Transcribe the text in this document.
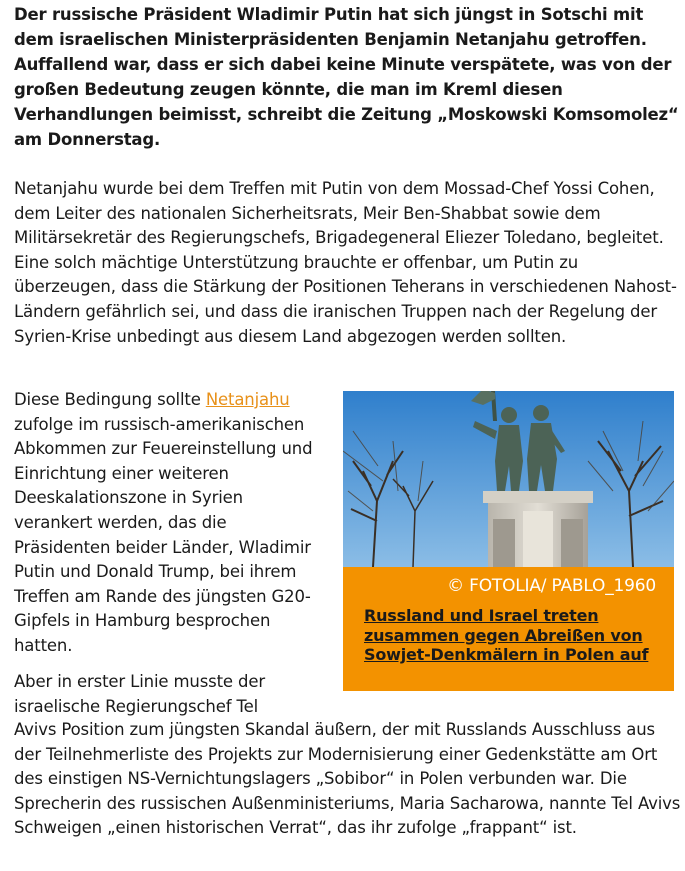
Der russische Präsident Wladimir Putin hat sich jüngst in Sotschi mit dem israelischen Ministerpräsidenten Benjamin Netanjahu getroffen. Auffallend war, dass er sich dabei keine Minute verspätete, was von der großen Bedeutung zeugen könnte, die man im Kreml diesen Verhandlungen beimisst, schreibt die Zeitung „Moskowski Komsomolez“ am Donnerstag.

Netanjahu wurde bei dem Treffen mit Putin von dem Mossad-Chef Yossi Cohen, dem Leiter des nationalen Sicherheitsrats, Meir Ben-Shabbat sowie dem Militärsekretär des Regierungschefs, Brigadegeneral Eliezer Toledano, begleitet. Eine solch mächtige Unterstützung brauchte er offenbar, um Putin zu überzeugen, dass die Stärkung der Positionen Teherans in verschiedenen Nahost-Ländern gefährlich sei, und dass die iranischen Truppen nach der Regelung der Syrien-Krise unbedingt aus diesem Land abgezogen werden sollten.

Diese Bedingung sollte Netanjahu zufolge im russisch-amerikanischen Abkommen zur Feuereinstellung und Einrichtung einer weiteren Deeskalationszone in Syrien verankert werden, das die Präsidenten beider Länder, Wladimir Putin und Donald Trump, bei ihrem Treffen am Rande des jüngsten G20-Gipfels in Hamburg besprochen hatten.

Aber in erster Linie musste der
israelische Regierungschef Tel

Avivs Position zum jüngsten Skandal äußern, der mit Russlands Ausschluss aus der Teilnehmerliste des Projekts zur Modernisierung einer Gedenkstätte am Ort des einstigen NS-Vernichtungslagers „Sobibor“ in Polen verbunden war. Die Sprecherin des russischen Außenministeriums, Maria Sacharowa, nannte Tel Avivs Schweigen „einen historischen Verrat“, das ihr zufolge „frappant“ ist.

© FOTOLIA/ PABLO_1960
Russland und Israel treten zusammen gegen Abreißen von Sowjet-Denkmälern in Polen auf
